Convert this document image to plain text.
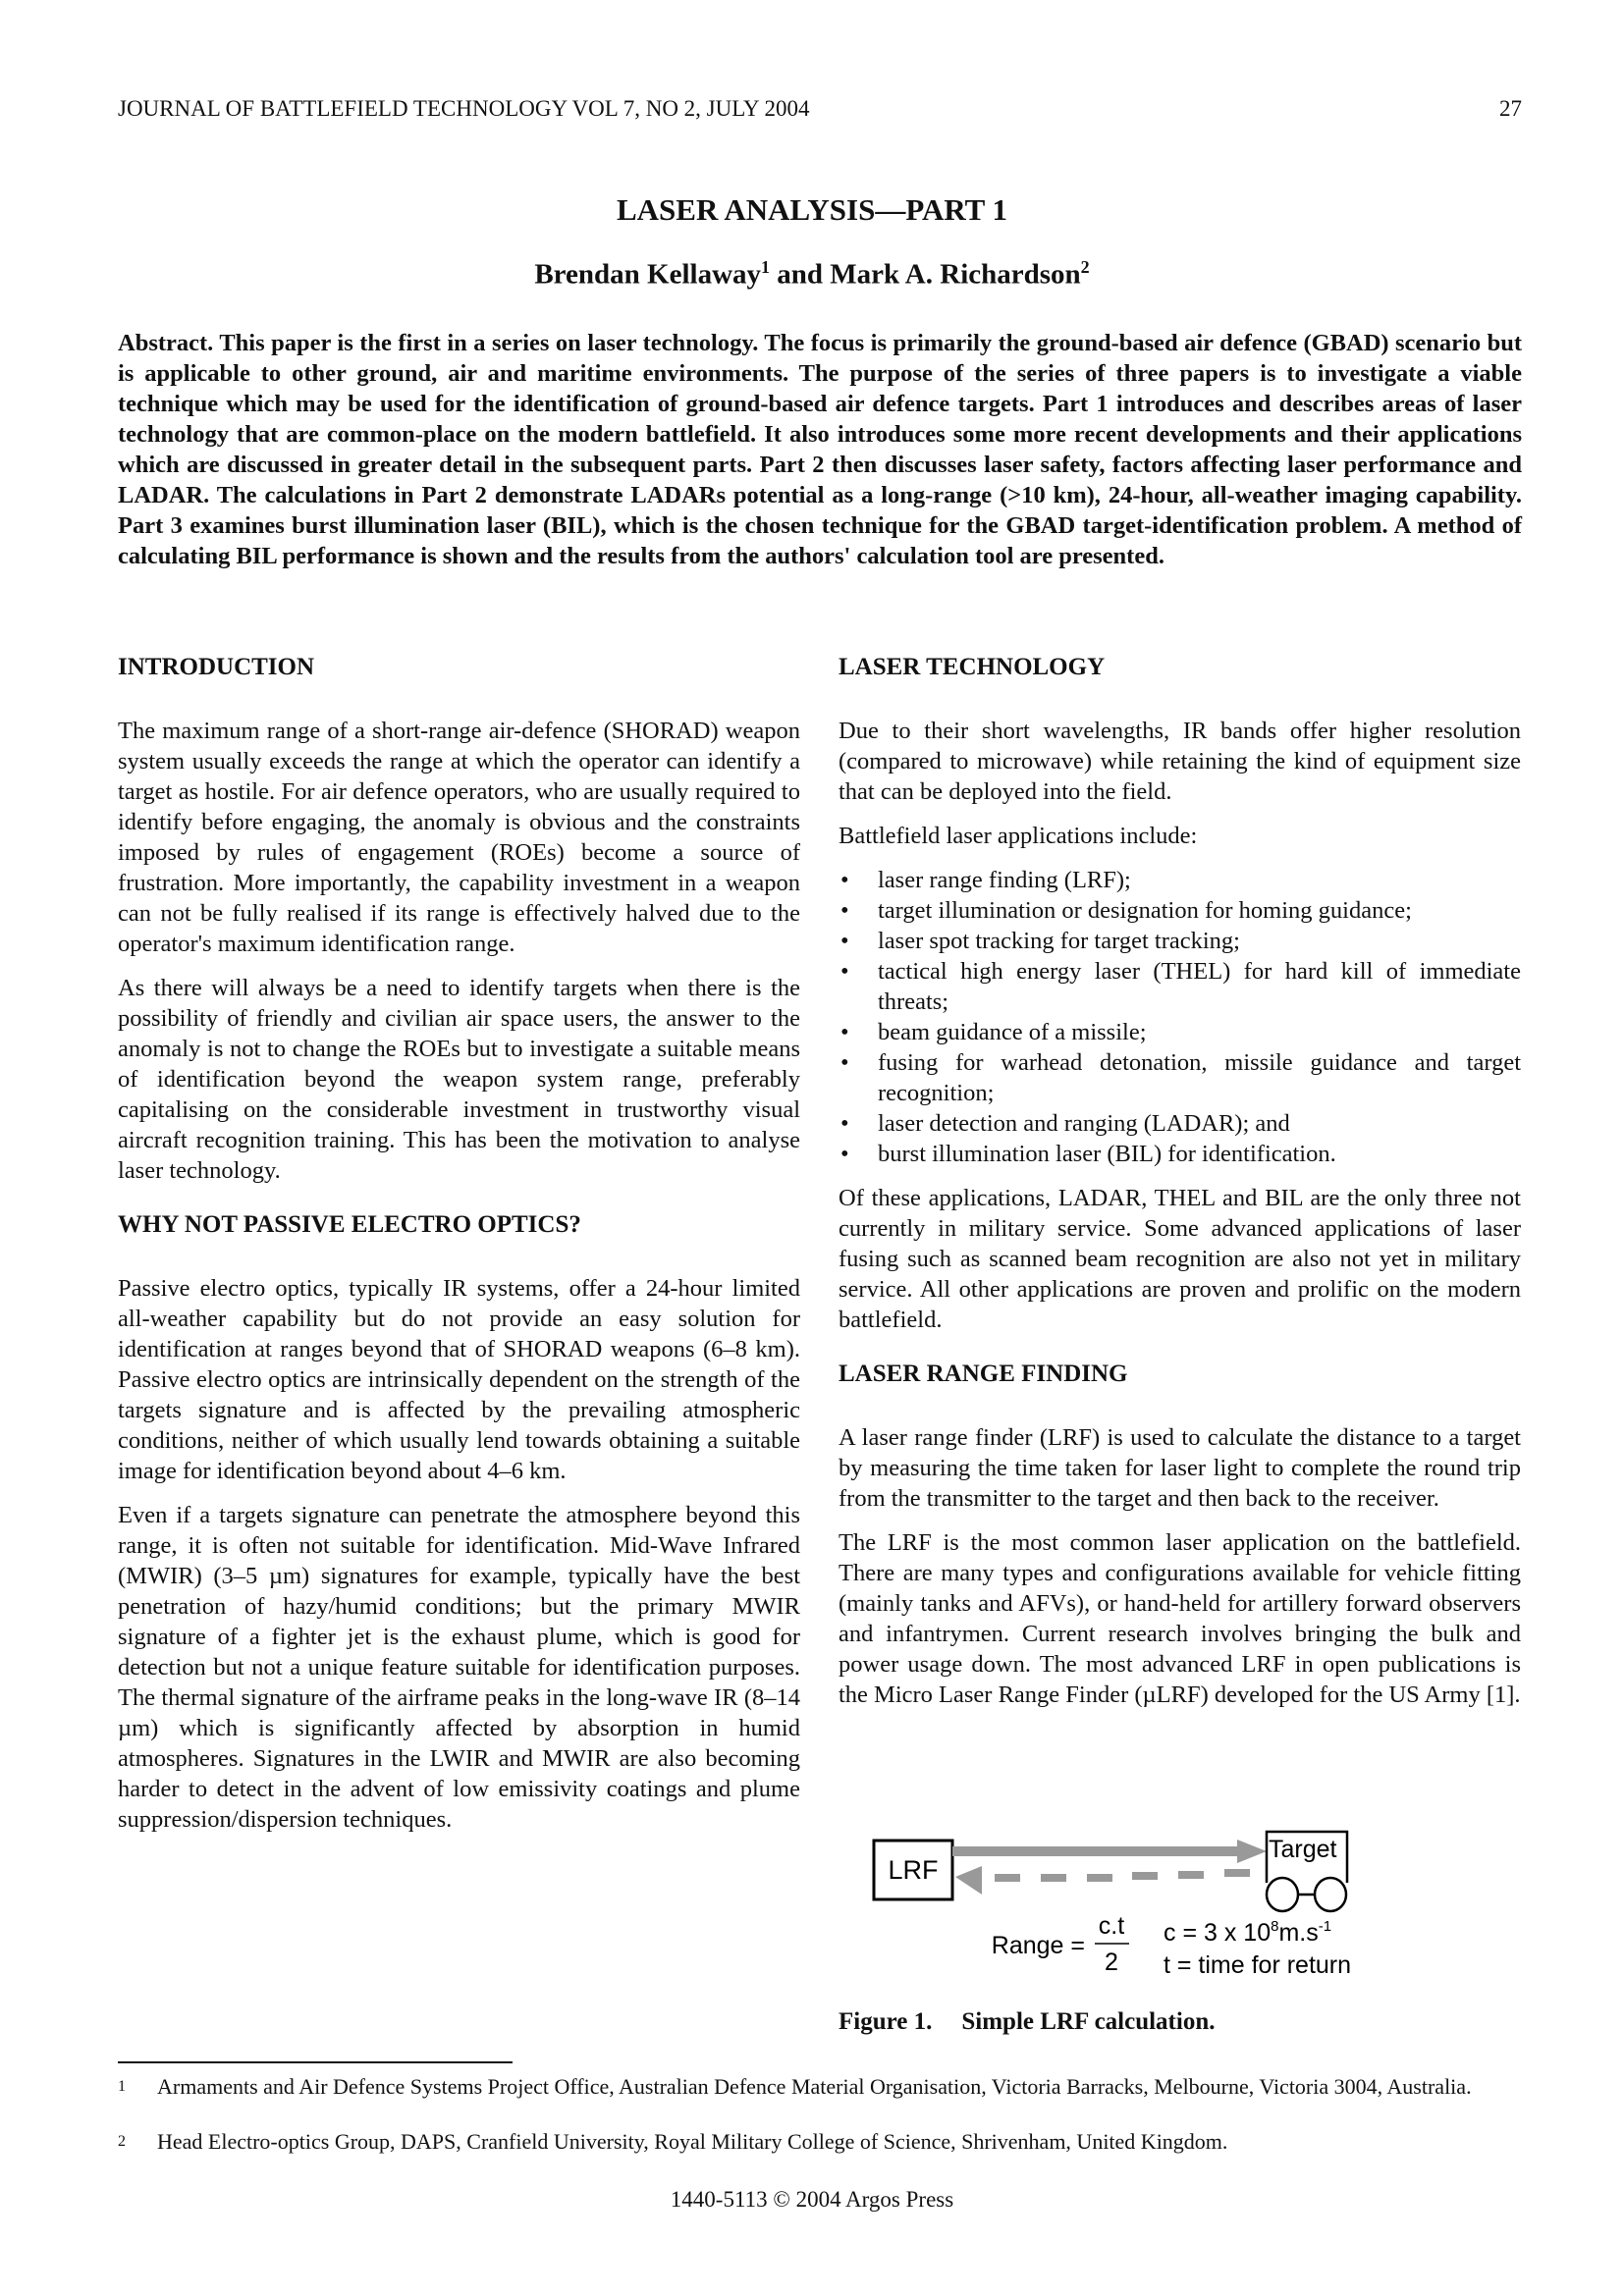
JOURNAL OF BATTLEFIELD TECHNOLOGY VOL 7, NO 2, JULY 2004	27
LASER ANALYSIS—PART 1
Brendan Kellaway$^1$ and Mark A. Richardson$^2$

Abstract. This paper is the first in a series on laser technology. The focus is primarily the ground-based air defence (GBAD) scenario but is applicable to other ground, air and maritime environments. The purpose of the series of three papers is to investigate a viable technique which may be used for the identification of ground-based air defence targets. Part 1 introduces and describes areas of laser technology that are common-place on the modern battlefield. It also introduces some more recent developments and their applications which are discussed in greater detail in the subsequent parts. Part 2 then discusses laser safety, factors affecting laser performance and LADAR. The calculations in Part 2 demonstrate LADARs potential as a long-range (>10 km), 24-hour, all-weather imaging capability. Part 3 examines burst illumination laser (BIL), which is the chosen technique for the GBAD target-identification problem. A method of calculating BIL performance is shown and the results from the authors' calculation tool are presented.

INTRODUCTION

The maximum range of a short-range air-defence (SHORAD) weapon system usually exceeds the range at which the operator can identify a target as hostile. For air defence operators, who are usually required to identify before engaging, the anomaly is obvious and the constraints imposed by rules of engagement (ROEs) become a source of frustration. More importantly, the capability investment in a weapon can not be fully realised if its range is effectively halved due to the operator's maximum identification range.

As there will always be a need to identify targets when there is the possibility of friendly and civilian air space users, the answer to the anomaly is not to change the ROEs but to investigate a suitable means of identification beyond the weapon system range, preferably capitalising on the considerable investment in trustworthy visual aircraft recognition training. This has been the motivation to analyse laser technology.

WHY NOT PASSIVE ELECTRO OPTICS?

Passive electro optics, typically IR systems, offer a 24-hour limited all-weather capability but do not provide an easy solution for identification at ranges beyond that of SHORAD weapons (6–8 km). Passive electro optics are intrinsically dependent on the strength of the targets signature and is affected by the prevailing atmospheric conditions, neither of which usually lend towards obtaining a suitable image for identification beyond about 4–6 km.

Even if a targets signature can penetrate the atmosphere beyond this range, it is often not suitable for identification. Mid-Wave Infrared (MWIR) (3–5 µm) signatures for example, typically have the best penetration of hazy/humid conditions; but the primary MWIR signature of a fighter jet is the exhaust plume, which is good for detection but not a unique feature suitable for identification purposes. The thermal signature of the airframe peaks in the long-wave IR (8–14 µm) which is significantly affected by absorption in humid atmospheres. Signatures in the LWIR and MWIR are also becoming harder to detect in the advent of low emissivity coatings and plume suppression/dispersion techniques.

LASER TECHNOLOGY

Due to their short wavelengths, IR bands offer higher resolution (compared to microwave) while retaining the kind of equipment size that can be deployed into the field.

Battlefield laser applications include:

• laser range finding (LRF);
• target illumination or designation for homing guidance;
• laser spot tracking for target tracking;
• tactical high energy laser (THEL) for hard kill of immediate threats;
• beam guidance of a missile;
• fusing for warhead detonation, missile guidance and target recognition;
• laser detection and ranging (LADAR); and
• burst illumination laser (BIL) for identification.

Of these applications, LADAR, THEL and BIL are the only three not currently in military service. Some advanced applications of laser fusing such as scanned beam recognition are also not yet in military service. All other applications are proven and prolific on the modern battlefield.

LASER RANGE FINDING

A laser range finder (LRF) is used to calculate the distance to a target by measuring the time taken for laser light to complete the round trip from the transmitter to the target and then back to the receiver.

The LRF is the most common laser application on the battlefield. There are many types and configurations available for vehicle fitting (mainly tanks and AFVs), or hand-held for artillery forward observers and infantrymen. Current research involves bringing the bulk and power usage down. The most advanced LRF in open publications is the Micro Laser Range Finder (µLRF) developed for the US Army [1].

LRF
Target
Range =
c.t
2
c = 3 x $10^8m.s^{-1}$
t = time for return
Figure 1. Simple LRF calculation.
1	Armaments and Air Defence Systems Project Office, Australian Defence Material Organisation, Victoria Barracks, Melbourne, Victoria 3004, Australia.
2	Head Electro-optics Group, DAPS, Cranfield University, Royal Military College of Science, Shrivenham, United Kingdom.
1440-5113 © 2004 Argos Press
